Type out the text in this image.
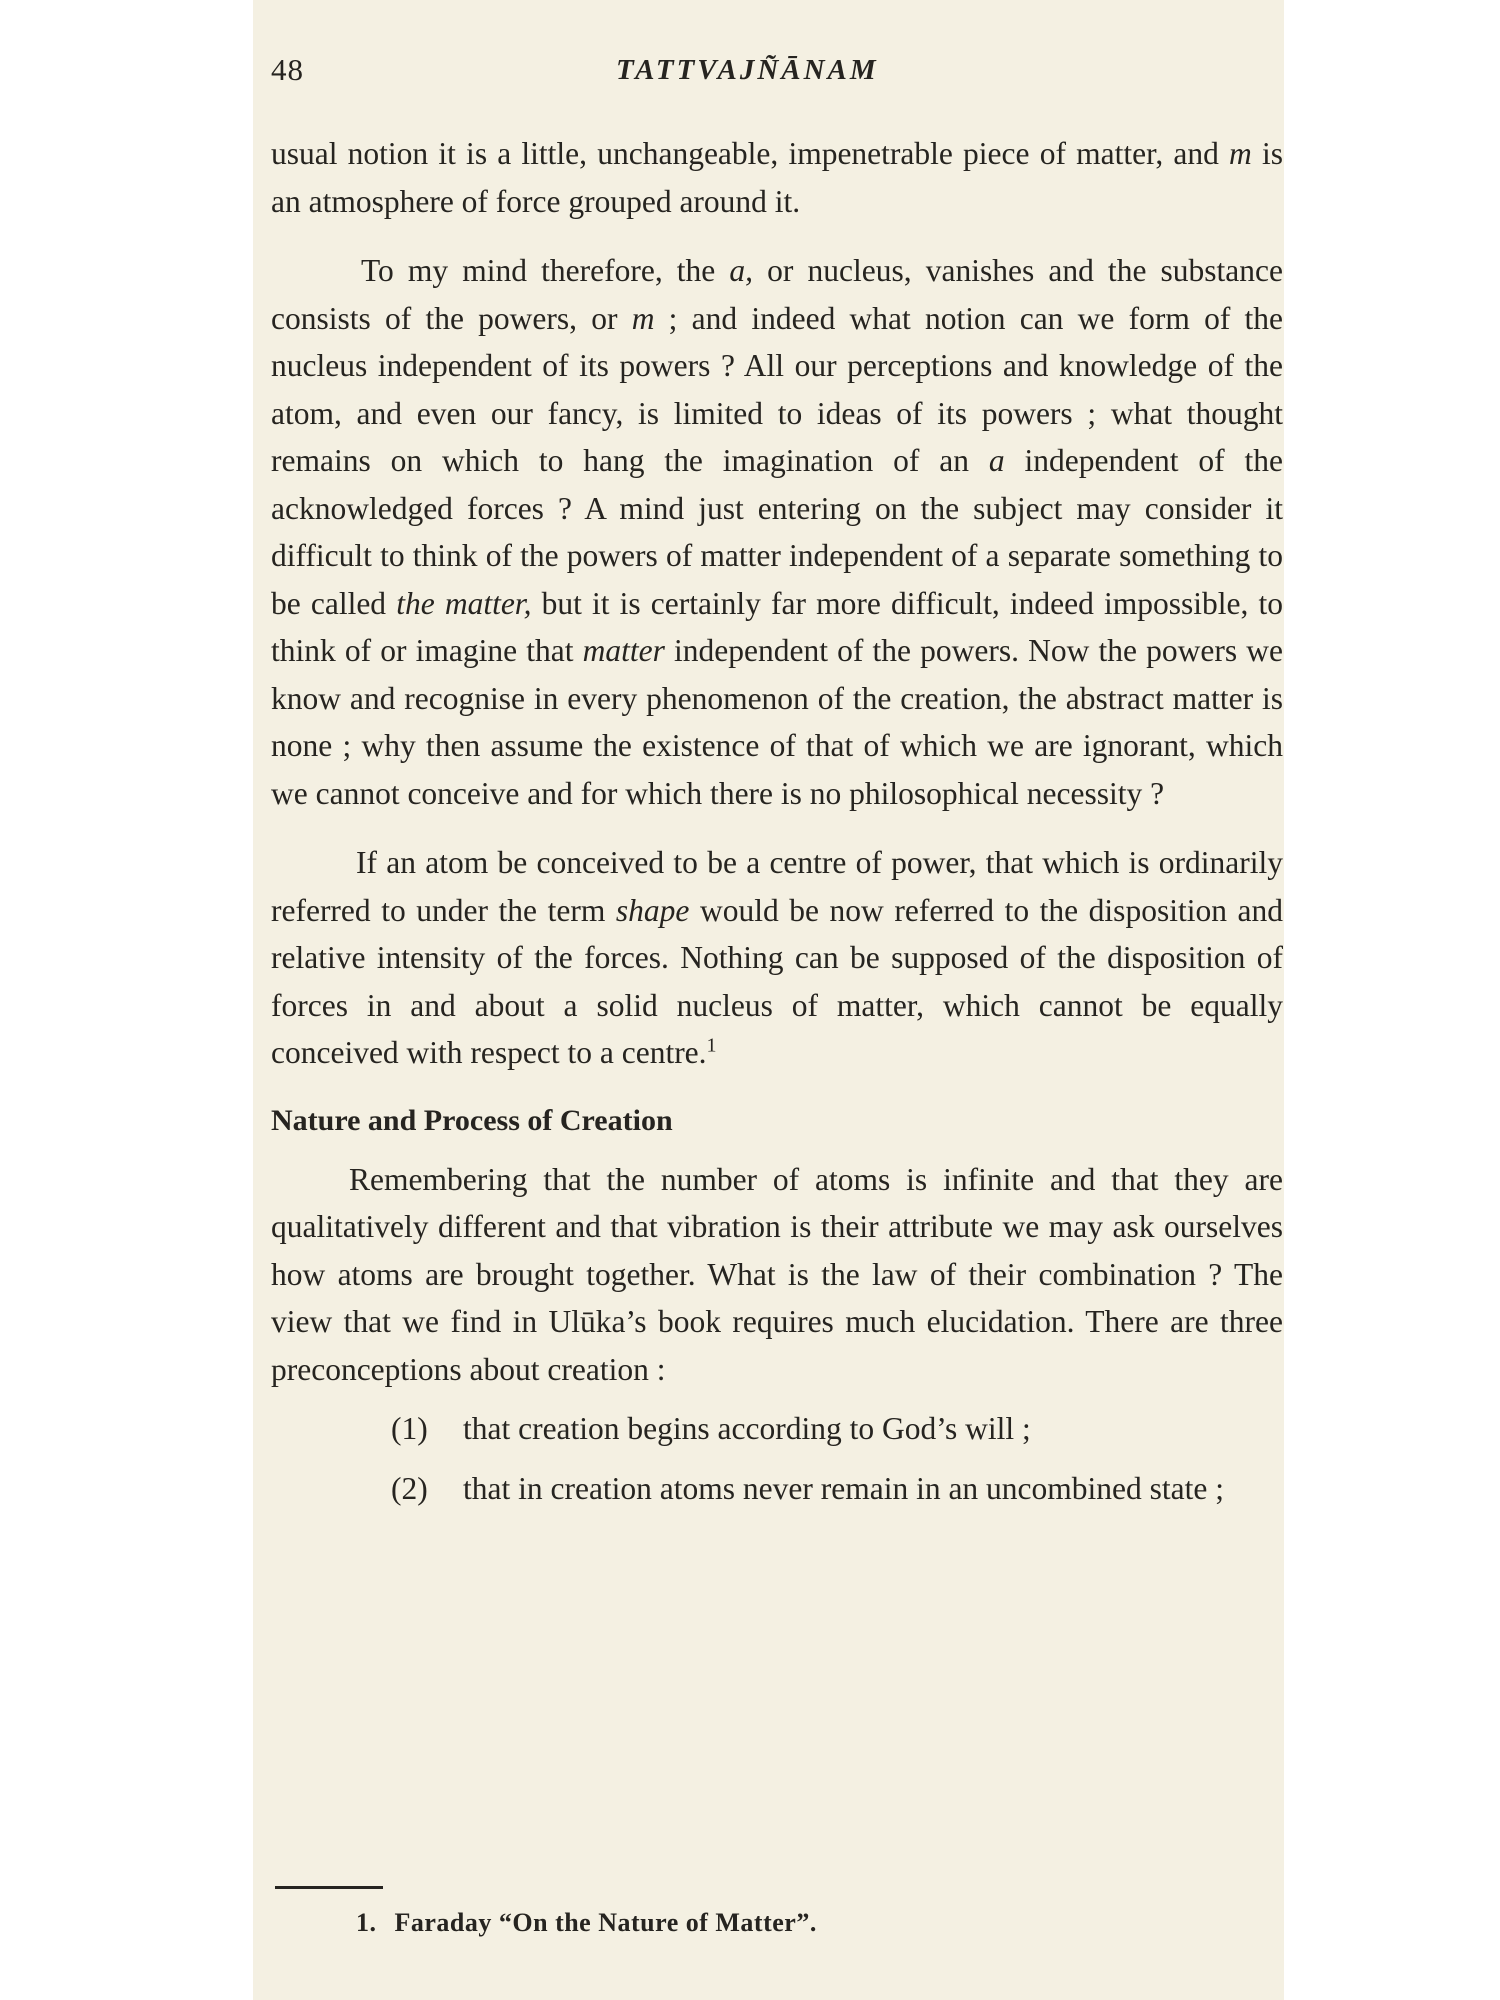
48	TATTVAJÑĀNAM

usual notion it is a little, unchangeable, impenetrable piece of matter, and m is an atmosphere of force grouped around it.

To my mind therefore, the a, or nucleus, vanishes and the substance consists of the powers, or m ; and indeed what notion can we form of the nucleus independent of its powers ? All our perceptions and knowledge of the atom, and even our fancy, is limited to ideas of its powers ; what thought remains on which to hang the imagination of an a independent of the acknowledged forces ? A mind just entering on the subject may consider it difficult to think of the powers of matter independent of a separate something to be called the matter, but it is certainly far more difficult, indeed impossible, to think of or imagine that matter independent of the powers. Now the powers we know and recognise in every phenomenon of the creation, the abstract matter is none ; why then assume the existence of that of which we are ignorant, which we cannot conceive and for which there is no philosophical necessity ?

If an atom be conceived to be a centre of power, that which is ordinarily referred to under the term shape would be now referred to the disposition and relative intensity of the forces. Nothing can be supposed of the disposition of forces in and about a solid nucleus of matter, which cannot be equally conceived with respect to a centre.$^1$

Nature and Process of Creation

Remembering that the number of atoms is infinite and that they are qualitatively different and that vibration is their attribute we may ask ourselves how atoms are brought together. What is the law of their combination ? The view that we find in Ulūka’s book requires much elucidation. There are three preconceptions about creation :

(1)	that creation begins according to God’s will ;
(2)	that in creation atoms never remain in an uncombined state ;
1. Faraday “On the Nature of Matter”.
